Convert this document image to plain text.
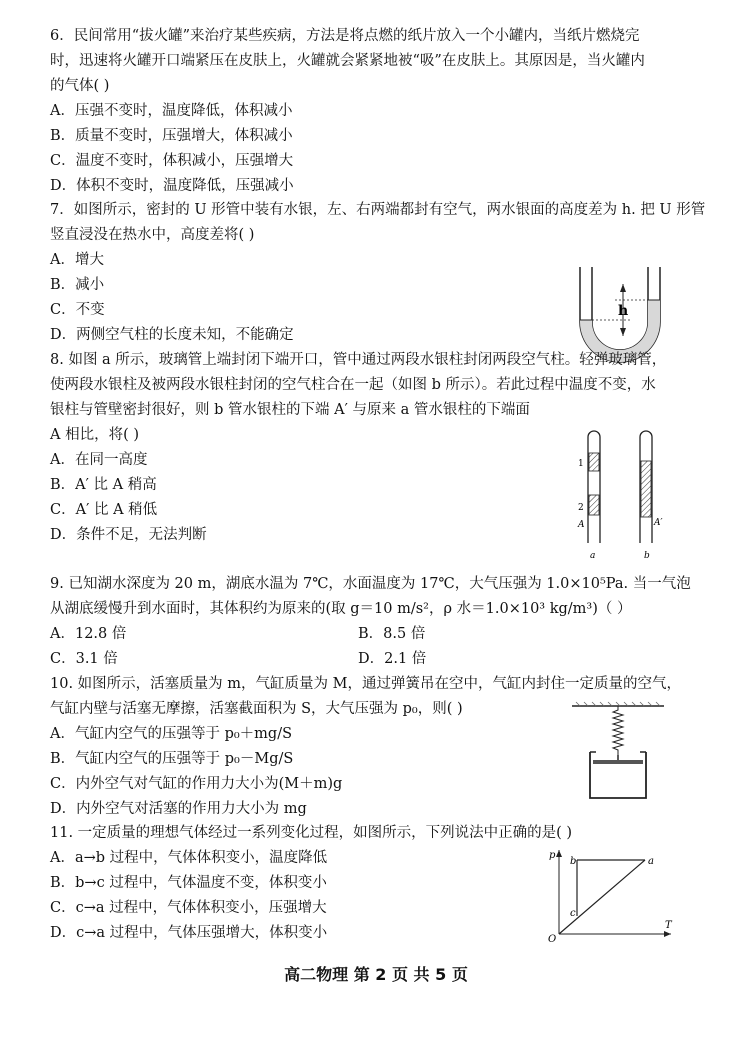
6．民间常用“拔火罐”来治疗某些疾病，方法是将点燃的纸片放入一个小罐内，当纸片燃烧完
时，迅速将火罐开口端紧压在皮肤上，火罐就会紧紧地被“吸”在皮肤上。其原因是，当火罐内
的气体( )
A．压强不变时，温度降低，体积减小
B．质量不变时，压强增大，体积减小
C．温度不变时，体积减小，压强增大
D．体积不变时，温度降低，压强减小
7．如图所示，密封的 U 形管中装有水银，左、右两端都封有空气，两水银面的高度差为 h. 把 U 形管
竖直浸没在热水中，高度差将( )
A．增大
B．减小
C．不变
D．两侧空气柱的长度未知，不能确定
h
8. 如图 a 所示，玻璃管上端封闭下端开口，管中通过两段水银柱封闭两段空气柱。轻弹玻璃管，
使两段水银柱及被两段水银柱封闭的空气柱合在一起（如图 b 所示）。若此过程中温度不变，水
银柱与管壁密封很好，则 b 管水银柱的下端 A′ 与原来 a 管水银柱的下端面
A 相比，将( )
A．在同一高度
B．A′ 比 A 稍高
C．A′ 比 A 稍低
D．条件不足，无法判断
1
2
A
a
A′
b
9. 已知湖水深度为 20 m，湖底水温为 7℃，水面温度为 17℃，大气压强为 1.0×10⁵Pa. 当一气泡
从湖底缓慢升到水面时，其体积约为原来的(取 g＝10 m/s²，ρ 水＝1.0×10³ kg/m³)（ ）
A．12.8 倍	B．8.5 倍
C．3.1 倍	D．2.1 倍
10. 如图所示，活塞质量为 m，气缸质量为 M，通过弹簧吊在空中，气缸内封住一定质量的空气，
气缸内壁与活塞无摩擦，活塞截面积为 S，大气压强为 p₀，则( )
A．气缸内空气的压强等于 p₀＋mg/S
B．气缸内空气的压强等于 p₀－Mg/S
C．内外空气对气缸的作用力大小为(M＋m)g
D．内外空气对活塞的作用力大小为 mg
11. 一定质量的理想气体经过一系列变化过程，如图所示，下列说法中正确的是( )
A．a→b 过程中，气体体积变小，温度降低
B．b→c 过程中，气体温度不变，体积变小
C．c→a 过程中，气体体积变小，压强增大
D．c→a 过程中，气体压强增大，体积变小
p
T
O
a
b
c
高二物理 第 2 页 共 5 页
